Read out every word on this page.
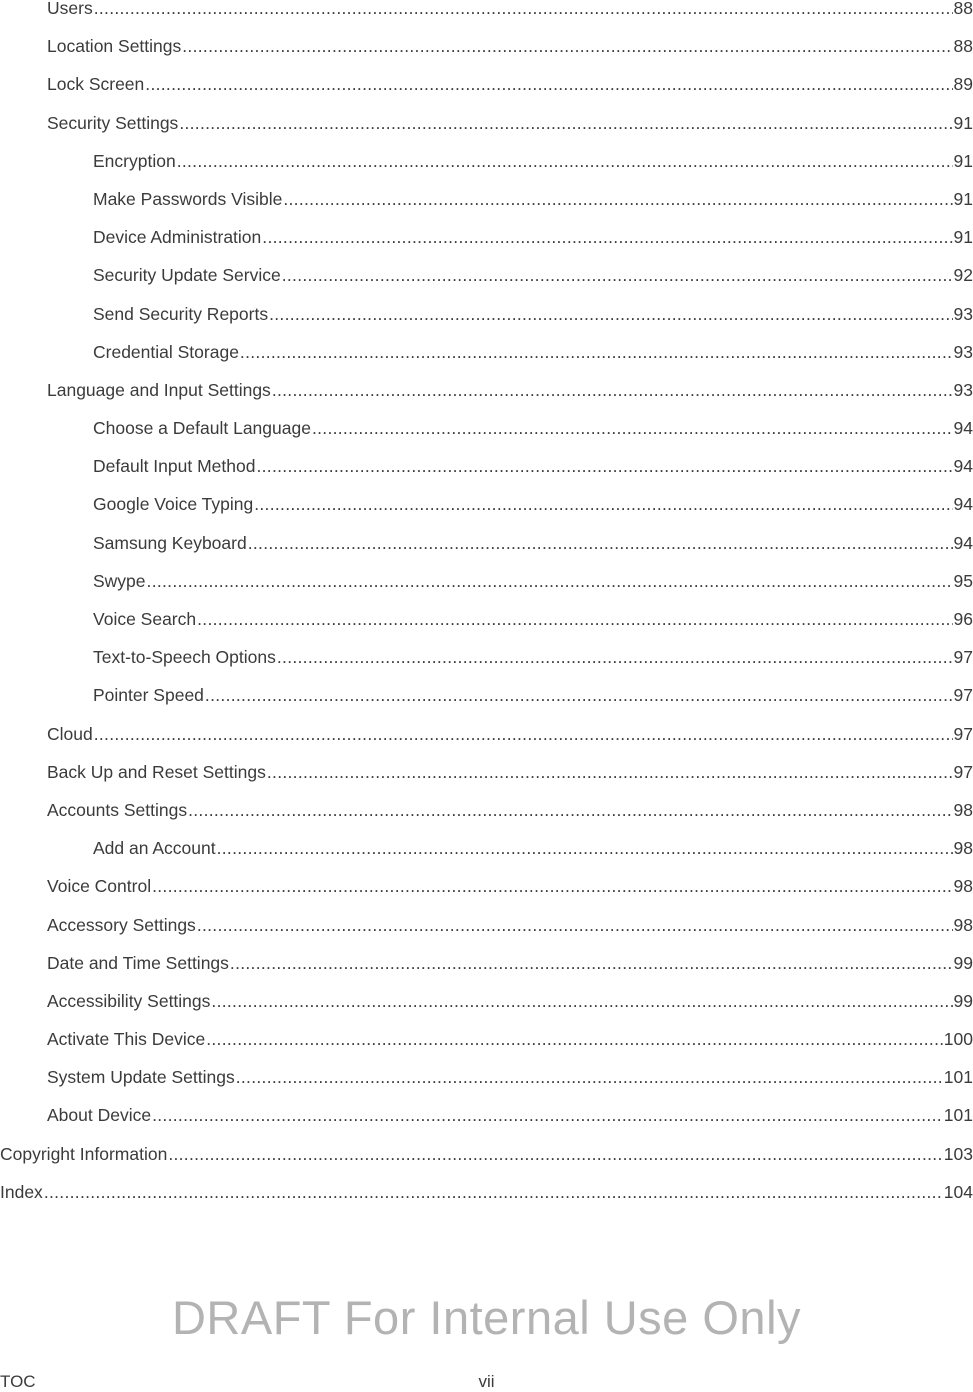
Users .....	88
Location Settings .....	88
Lock Screen .....	89
Security Settings .....	91
Encryption .....	91
Make Passwords Visible .....	91
Device Administration .....	91
Security Update Service .....	92
Send Security Reports .....	93
Credential Storage .....	93
Language and Input Settings .....	93
Choose a Default Language .....	94
Default Input Method .....	94
Google Voice Typing .....	94
Samsung Keyboard .....	94
Swype .....	95
Voice Search .....	96
Text-to-Speech Options .....	97
Pointer Speed .....	97
Cloud .....	97
Back Up and Reset Settings .....	97
Accounts Settings .....	98
Add an Account .....	98
Voice Control .....	98
Accessory Settings .....	98
Date and Time Settings .....	99
Accessibility Settings .....	99
Activate This Device .....	100
System Update Settings .....	101
About Device .....	101
Copyright Information .....	103
Index .....	104
DRAFT For Internal Use Only
TOC	vii
